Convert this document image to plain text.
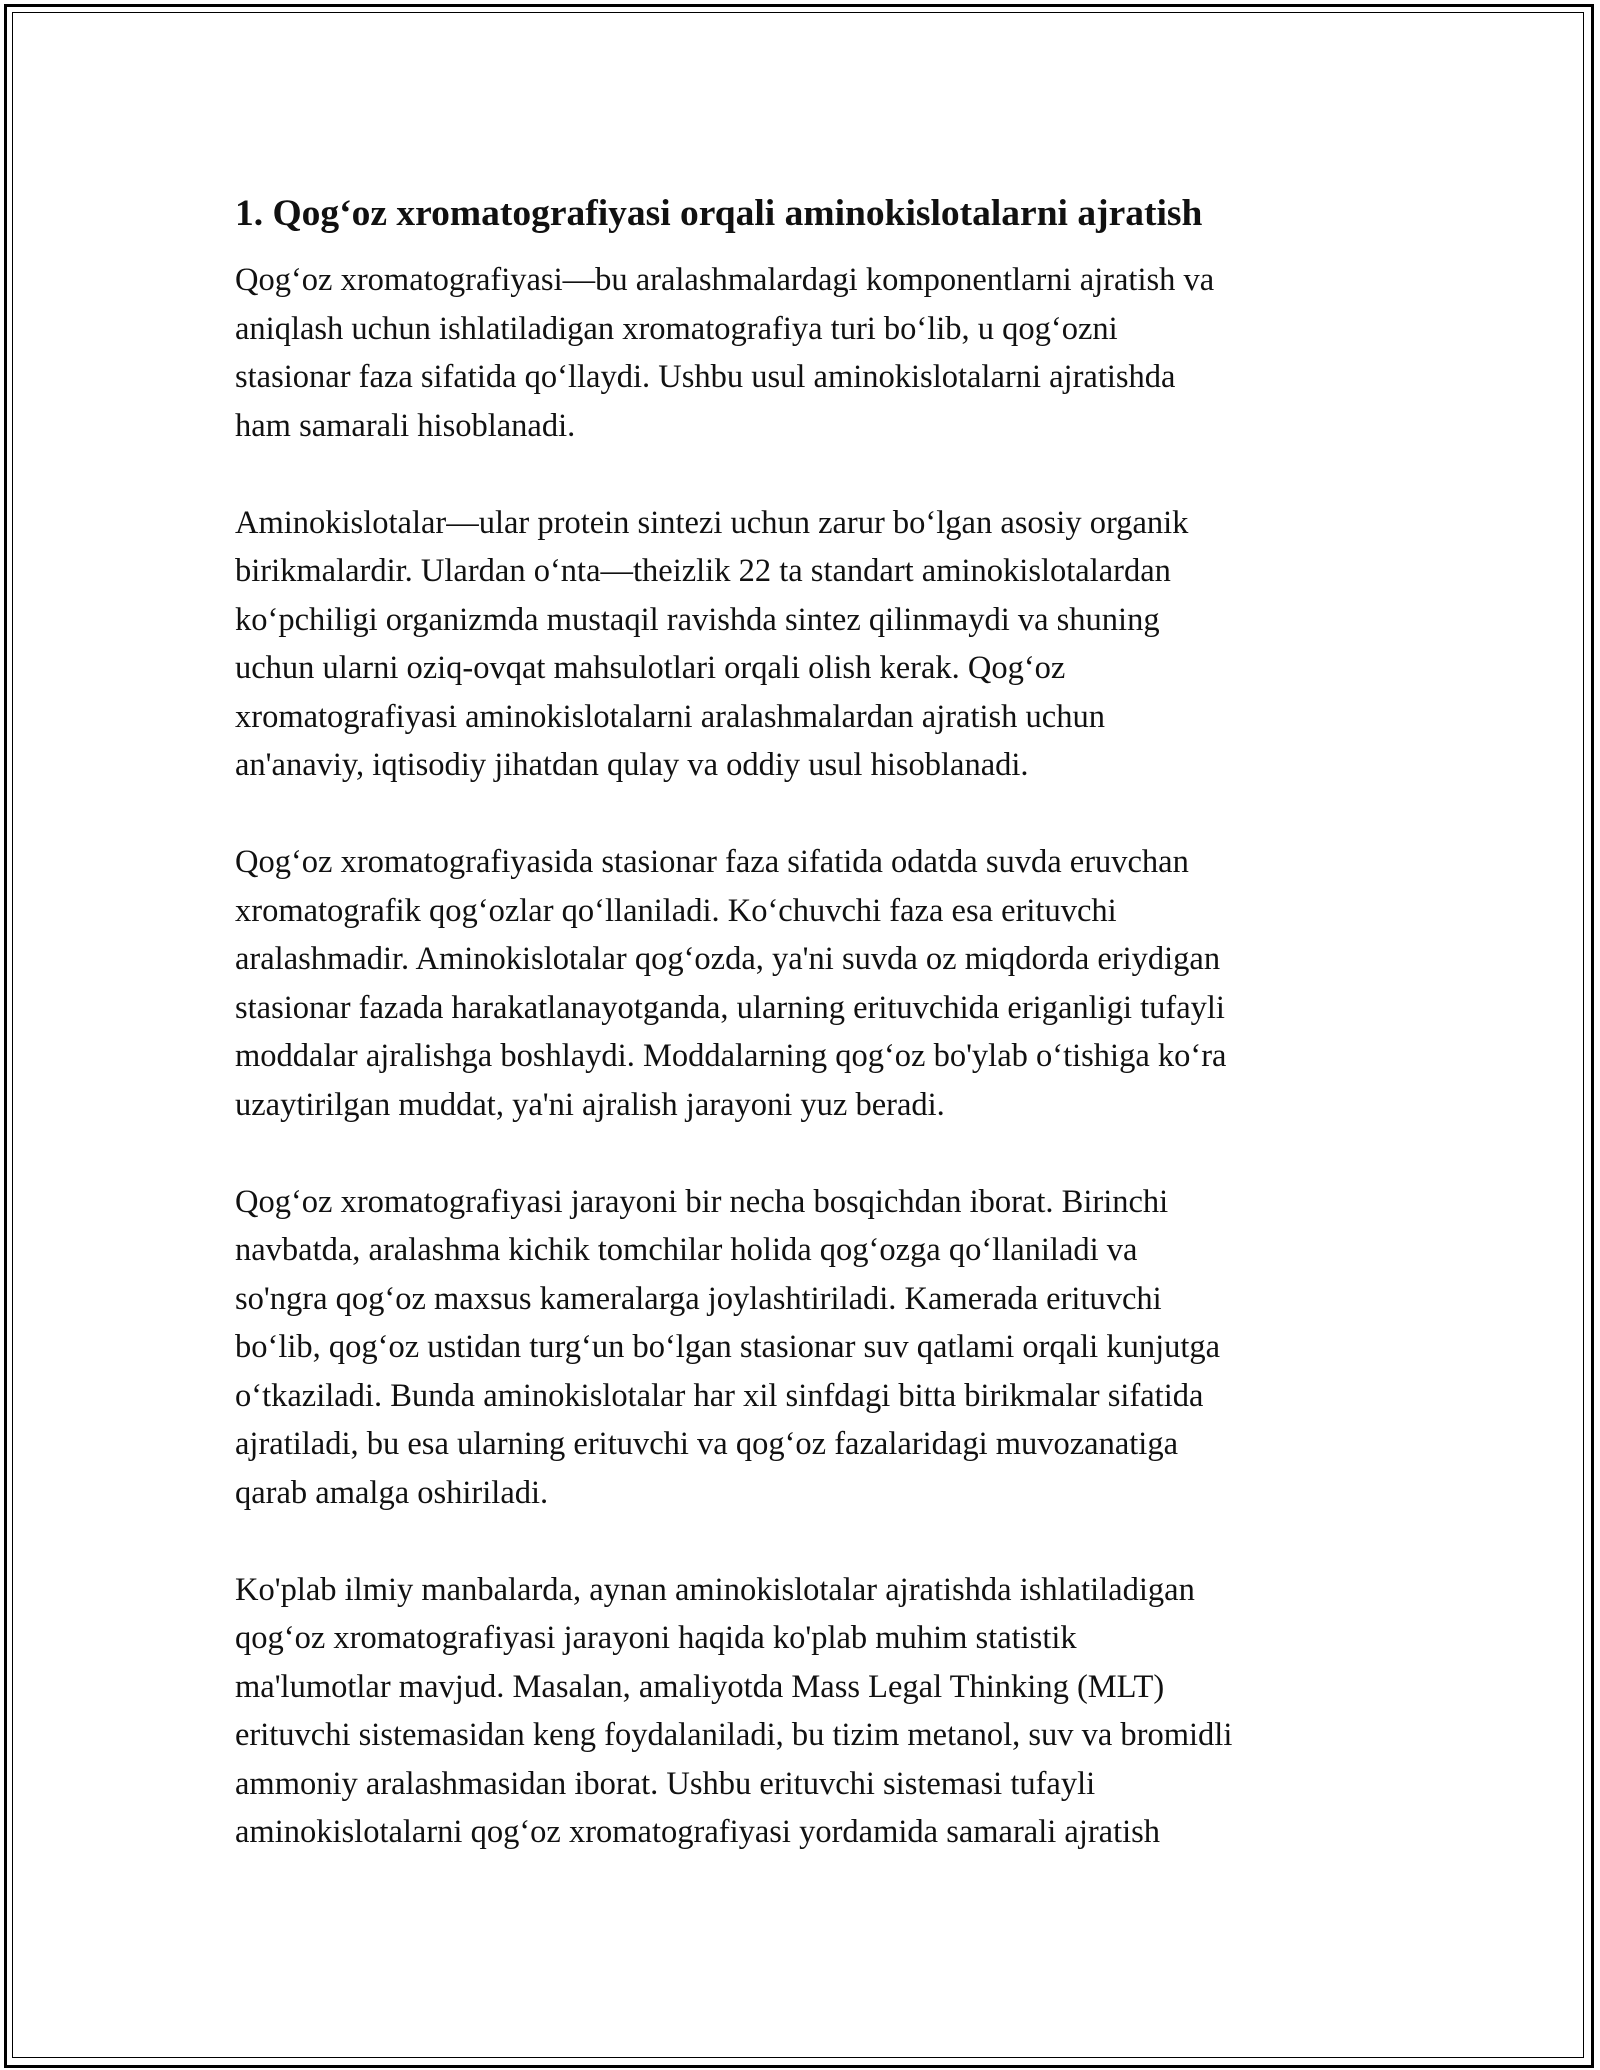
1. Qog‘oz xromatografiyasi orqali aminokislotalarni ajratish
Qog‘oz xromatografiyasi—bu aralashmalardagi komponentlarni ajratish va
aniqlash uchun ishlatiladigan xromatografiya turi bo‘lib, u qog‘ozni
stasionar faza sifatida qo‘llaydi. Ushbu usul aminokislotalarni ajratishda
ham samarali hisoblanadi.
Aminokislotalar—ular protein sintezi uchun zarur bo‘lgan asosiy organik
birikmalardir. Ulardan o‘nta—theizlik 22 ta standart aminokislotalardan
ko‘pchiligi organizmda mustaqil ravishda sintez qilinmaydi va shuning
uchun ularni oziq-ovqat mahsulotlari orqali olish kerak. Qog‘oz
xromatografiyasi aminokislotalarni aralashmalardan ajratish uchun
an'anaviy, iqtisodiy jihatdan qulay va oddiy usul hisoblanadi.
Qog‘oz xromatografiyasida stasionar faza sifatida odatda suvda eruvchan
xromatografik qog‘ozlar qo‘llaniladi. Ko‘chuvchi faza esa erituvchi
aralashmadir. Aminokislotalar qog‘ozda, ya'ni suvda oz miqdorda eriydigan
stasionar fazada harakatlanayotganda, ularning erituvchida eriganligi tufayli
moddalar ajralishga boshlaydi. Moddalarning qog‘oz bo'ylab o‘tishiga ko‘ra
uzaytirilgan muddat, ya'ni ajralish jarayoni yuz beradi.
Qog‘oz xromatografiyasi jarayoni bir necha bosqichdan iborat. Birinchi
navbatda, aralashma kichik tomchilar holida qog‘ozga qo‘llaniladi va
so'ngra qog‘oz maxsus kameralarga joylashtiriladi. Kamerada erituvchi
bo‘lib, qog‘oz ustidan turg‘un bo‘lgan stasionar suv qatlami orqali kunjutga
o‘tkaziladi. Bunda aminokislotalar har xil sinfdagi bitta birikmalar sifatida
ajratiladi, bu esa ularning erituvchi va qog‘oz fazalaridagi muvozanatiga
qarab amalga oshiriladi.
Ko'plab ilmiy manbalarda, aynan aminokislotalar ajratishda ishlatiladigan
qog‘oz xromatografiyasi jarayoni haqida ko'plab muhim statistik
ma'lumotlar mavjud. Masalan, amaliyotda Mass Legal Thinking (MLT)
erituvchi sistemasidan keng foydalaniladi, bu tizim metanol, suv va bromidli
ammoniy aralashmasidan iborat. Ushbu erituvchi sistemasi tufayli
aminokislotalarni qog‘oz xromatografiyasi yordamida samarali ajratish
